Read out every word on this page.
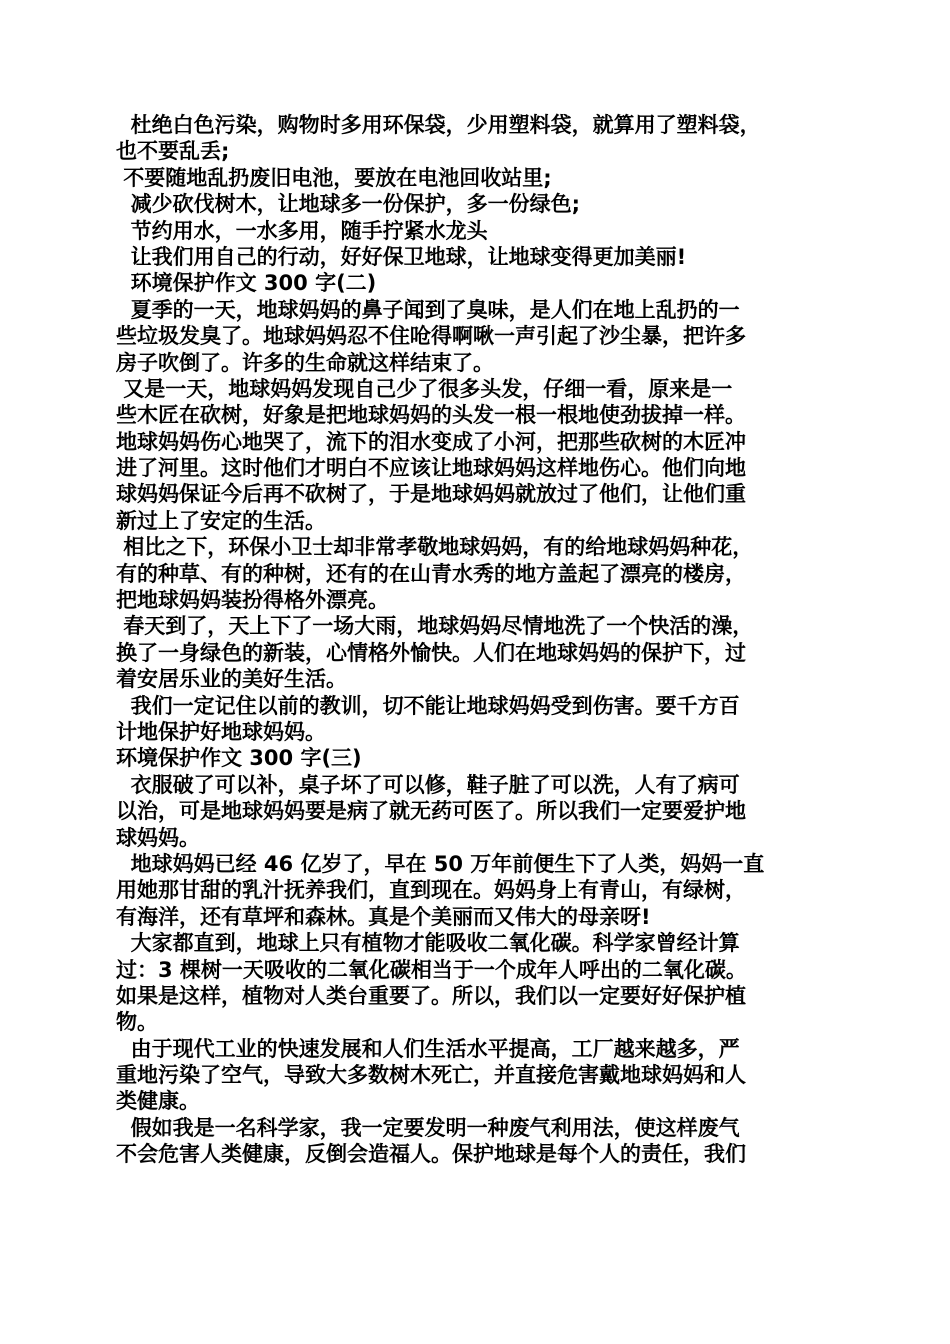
杜绝白色污染，购物时多用环保袋，少用塑料袋，就算用了塑料袋，
也不要乱丢;
不要随地乱扔废旧电池，要放在电池回收站里;
减少砍伐树木，让地球多一份保护，多一份绿色;
节约用水，一水多用，随手拧紧水龙头
让我们用自己的行动，好好保卫地球，让地球变得更加美丽!
环境保护作文 300 字(二)
夏季的一天，地球妈妈的鼻子闻到了臭味，是人们在地上乱扔的一
些垃圾发臭了。地球妈妈忍不住呛得啊啾一声引起了沙尘暴，把许多
房子吹倒了。许多的生命就这样结束了。
又是一天，地球妈妈发现自己少了很多头发，仔细一看，原来是一
些木匠在砍树，好象是把地球妈妈的头发一根一根地使劲拔掉一样。
地球妈妈伤心地哭了，流下的泪水变成了小河，把那些砍树的木匠冲
进了河里。这时他们才明白不应该让地球妈妈这样地伤心。他们向地
球妈妈保证今后再不砍树了，于是地球妈妈就放过了他们，让他们重
新过上了安定的生活。
相比之下，环保小卫士却非常孝敬地球妈妈，有的给地球妈妈种花，
有的种草、有的种树，还有的在山青水秀的地方盖起了漂亮的楼房，
把地球妈妈装扮得格外漂亮。
春天到了，天上下了一场大雨，地球妈妈尽情地洗了一个快活的澡，
换了一身绿色的新装，心情格外愉快。人们在地球妈妈的保护下，过
着安居乐业的美好生活。
我们一定记住以前的教训，切不能让地球妈妈受到伤害。要千方百
计地保护好地球妈妈。
环境保护作文 300 字(三)
衣服破了可以补，桌子坏了可以修，鞋子脏了可以洗，人有了病可
以治，可是地球妈妈要是病了就无药可医了。所以我们一定要爱护地
球妈妈。
地球妈妈已经 46 亿岁了，早在 50 万年前便生下了人类，妈妈一直
用她那甘甜的乳汁抚养我们，直到现在。妈妈身上有青山，有绿树，
有海洋，还有草坪和森林。真是个美丽而又伟大的母亲呀!
大家都直到，地球上只有植物才能吸收二氧化碳。科学家曾经计算
过：3 棵树一天吸收的二氧化碳相当于一个成年人呼出的二氧化碳。
如果是这样，植物对人类台重要了。所以，我们以一定要好好保护植
物。
由于现代工业的快速发展和人们生活水平提高，工厂越来越多，严
重地污染了空气，导致大多数树木死亡，并直接危害戴地球妈妈和人
类健康。
假如我是一名科学家，我一定要发明一种废气利用法，使这样废气
不会危害人类健康，反倒会造福人。保护地球是每个人的责任，我们
